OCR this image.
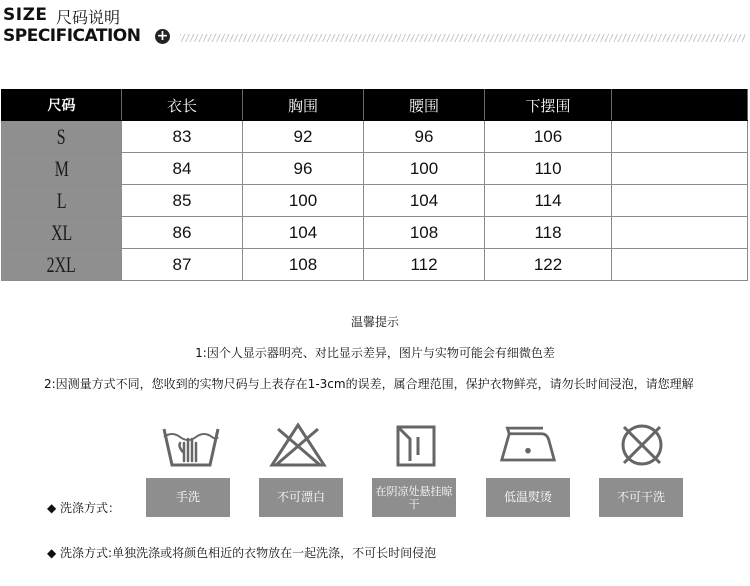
SIZE 尺码说明
SPECIFICATION +
尺码	衣长	胸围	腰围	下摆围	
S	83	92	96	106	
M	84	96	100	110	
L	85	100	104	114	
XL	86	104	108	118	
2XL	87	108	112	122	
温馨提示
1:因个人显示器明亮、对比显示差异，图片与实物可能会有细微色差
2:因测量方式不同，您收到的实物尺码与上表存在1-3cm的误差，属合理范围，保护衣物鲜亮，请勿长时间浸泡，请您理解
手洗	不可漂白	在阴凉处悬挂晾干	低温熨烫	不可干洗
◆ 洗涤方式：
◆ 洗涤方式:单独洗涤或将颜色相近的衣物放在一起洗涤，不可长时间侵泡
